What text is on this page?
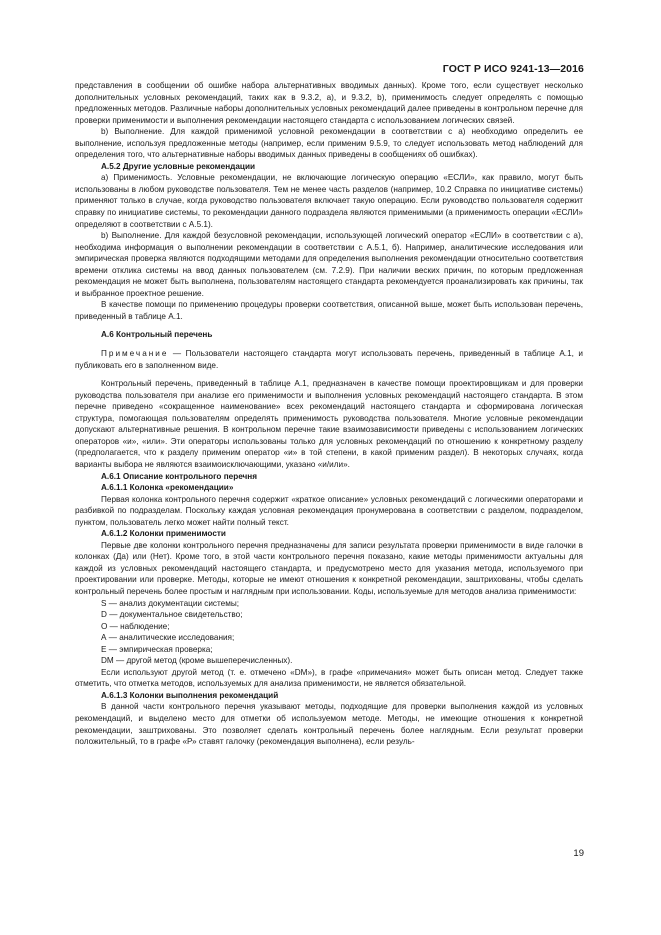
ГОСТ Р ИСО 9241-13—2016

представления в сообщении об ошибке набора альтернативных вводимых данных). Кроме того, если существует несколько дополнительных условных рекомендаций, таких как в 9.3.2, а), и 9.3.2, b), применимость следует определять с помощью предложенных методов. Различные наборы дополнительных условных рекомендаций далее приведены в контрольном перечне для проверки применимости и выполнения рекомендации настоящего стандарта с использованием логических связей.

b) Выполнение. Для каждой применимой условной рекомендации в соответствии с а) необходимо определить ее выполнение, используя предложенные методы (например, если применим 9.5.9, то следует использовать метод наблюдений для определения того, что альтернативные наборы вводимых данных приведены в сообщениях об ошибках).

А.5.2 Другие условные рекомендации

а) Применимость. Условные рекомендации, не включающие логическую операцию «ЕСЛИ», как правило, могут быть использованы в любом руководстве пользователя. Тем не менее часть разделов (например, 10.2 Справка по инициативе системы) применяют только в случае, когда руководство пользователя включает такую операцию. Если руководство пользователя содержит справку по инициативе системы, то рекомендации данного подраздела являются применимыми (а применимость операции «ЕСЛИ» определяют в соответствии с А.5.1).

b) Выполнение. Для каждой безусловной рекомендации, использующей логический оператор «ЕСЛИ» в соответствии с а), необходима информация о выполнении рекомендации в соответствии с А.5.1, б). Например, аналитические исследования или эмпирическая проверка являются подходящими методами для определения выполнения рекомендации относительно соответствия времени отклика системы на ввод данных пользователем (см. 7.2.9). При наличии веских причин, по которым предложенная рекомендация не может быть выполнена, пользователям настоящего стандарта рекомендуется проанализировать как причины, так и выбранное проектное решение.

В качестве помощи по применению процедуры проверки соответствия, описанной выше, может быть использован перечень, приведенный в таблице А.1.

А.6 Контрольный перечень

Примечание — Пользователи настоящего стандарта могут использовать перечень, приведенный в таблице А.1, и публиковать его в заполненном виде.

Контрольный перечень, приведенный в таблице А.1, предназначен в качестве помощи проектировщикам и для проверки руководства пользователя при анализе его применимости и выполнения условных рекомендаций настоящего стандарта. В этом перечне приведено «сокращенное наименование» всех рекомендаций настоящего стандарта и сформирована логическая структура, помогающая пользователям определять применимость руководства пользователя. Многие условные рекомендации допускают альтернативные решения. В контрольном перечне такие взаимозависимости приведены с использованием логических операторов «и», «или». Эти операторы использованы только для условных рекомендаций по отношению к конкретному разделу (предполагается, что к разделу применим оператор «и» в той степени, в какой применим раздел). В некоторых случаях, когда варианты выбора не являются взаимоисключающими, указано «и/или».

А.6.1 Описание контрольного перечня

А.6.1.1 Колонка «рекомендации»

Первая колонка контрольного перечня содержит «краткое описание» условных рекомендаций с логическими операторами и разбивкой по подразделам. Поскольку каждая условная рекомендация пронумерована в соответствии с разделом, подразделом, пунктом, пользователь легко может найти полный текст.

А.6.1.2 Колонки применимости

Первые две колонки контрольного перечня предназначены для записи результата проверки применимости в виде галочки в колонках (Да) или (Нет). Кроме того, в этой части контрольного перечня показано, какие методы применимости актуальны для каждой из условных рекомендаций настоящего стандарта, и предусмотрено место для указания метода, используемого при проектировании или проверке. Методы, которые не имеют отношения к конкретной рекомендации, заштрихованы, чтобы сделать контрольный перечень более простым и наглядным при использовании. Коды, используемые для методов анализа применимости:

S — анализ документации системы;

D — документальное свидетельство;

О — наблюдение;

А — аналитические исследования;

Е — эмпирическая проверка;

DM — другой метод (кроме вышеперечисленных).

Если используют другой метод (т. е. отмечено «DM»), в графе «примечания» может быть описан метод. Следует также отметить, что отметка методов, используемых для анализа применимости, не является обязательной.

А.6.1.3 Колонки выполнения рекомендаций

В данной части контрольного перечня указывают методы, подходящие для проверки выполнения каждой из условных рекомендаций, и выделено место для отметки об используемом методе. Методы, не имеющие отношения к конкретной рекомендации, заштрихованы. Это позволяет сделать контрольный перечень более наглядным. Если результат проверки положительный, то в графе «Р» ставят галочку (рекомендация выполнена), если резуль-

19
